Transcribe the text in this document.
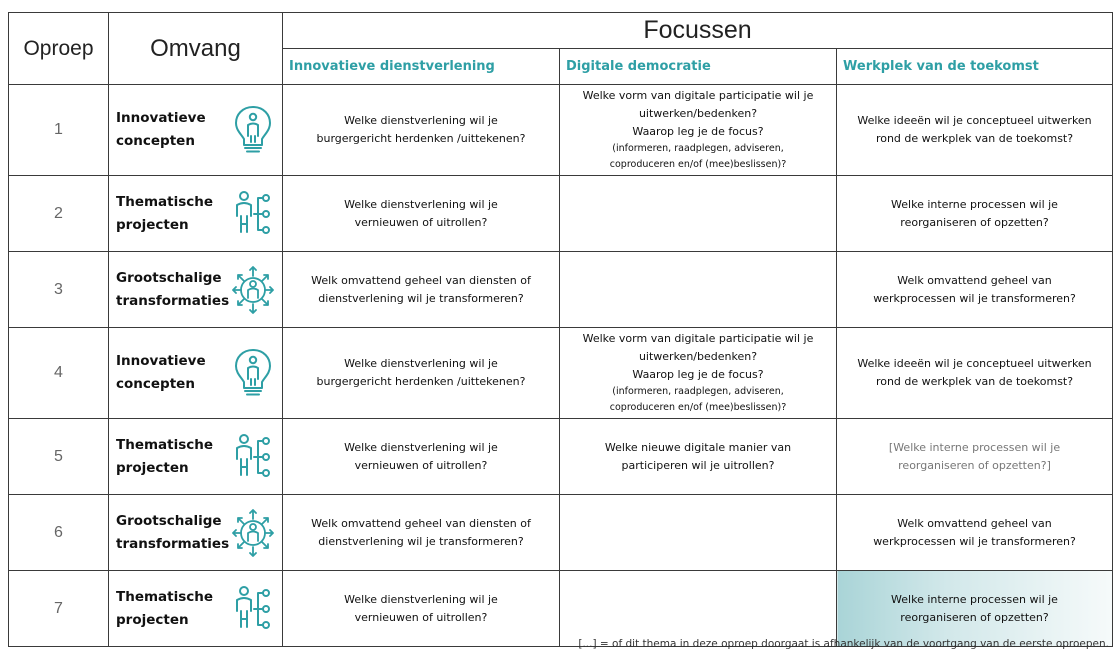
Oproep	Omvang	Focussen		
		Innovatieve dienstverlening	Digitale democratie	Werkplek van de toekomst
1	Innovatieve
concepten	Welke dienstverlening wil je
burgergericht herdenken /uittekenen?	Welke vorm van digitale participatie wil je
uitwerken/bedenken?
Waarop leg je de focus?
(informeren, raadplegen, adviseren,
coproduceren en/of (mee)beslissen)?	Welke ideeën wil je conceptueel uitwerken
rond de werkplek van de toekomst?

2	Thematische
projecten	Welke dienstverlening wil je
vernieuwen of uitrollen?		Welke interne processen wil je
reorganiseren of opzetten?

3	Grootschalige
transformaties	Welk omvattend geheel van diensten of
dienstverlening wil je transformeren?		Welk omvattend geheel van
werkprocessen wil je transformeren?

4	Innovatieve
concepten	Welke dienstverlening wil je
burgergericht herdenken /uittekenen?	Welke vorm van digitale participatie wil je
uitwerken/bedenken?
Waarop leg je de focus?
(informeren, raadplegen, adviseren,
coproduceren en/of (mee)beslissen)?	Welke ideeën wil je conceptueel uitwerken
rond de werkplek van de toekomst?

5	Thematische
projecten	Welke dienstverlening wil je
vernieuwen of uitrollen?	Welke nieuwe digitale manier van
participeren wil je uitrollen?	[Welke interne processen wil je
reorganiseren of opzetten?]

6	Grootschalige
transformaties	Welk omvattend geheel van diensten of
dienstverlening wil je transformeren?		Welk omvattend geheel van
werkprocessen wil je transformeren?

7	Thematische
projecten	Welke dienstverlening wil je
vernieuwen of uitrollen?		Welke interne processen wil je
reorganiseren of opzetten?
[...] = of dit thema in deze oproep doorgaat is afhankelijk van de voortgang van de eerste oproepen.
